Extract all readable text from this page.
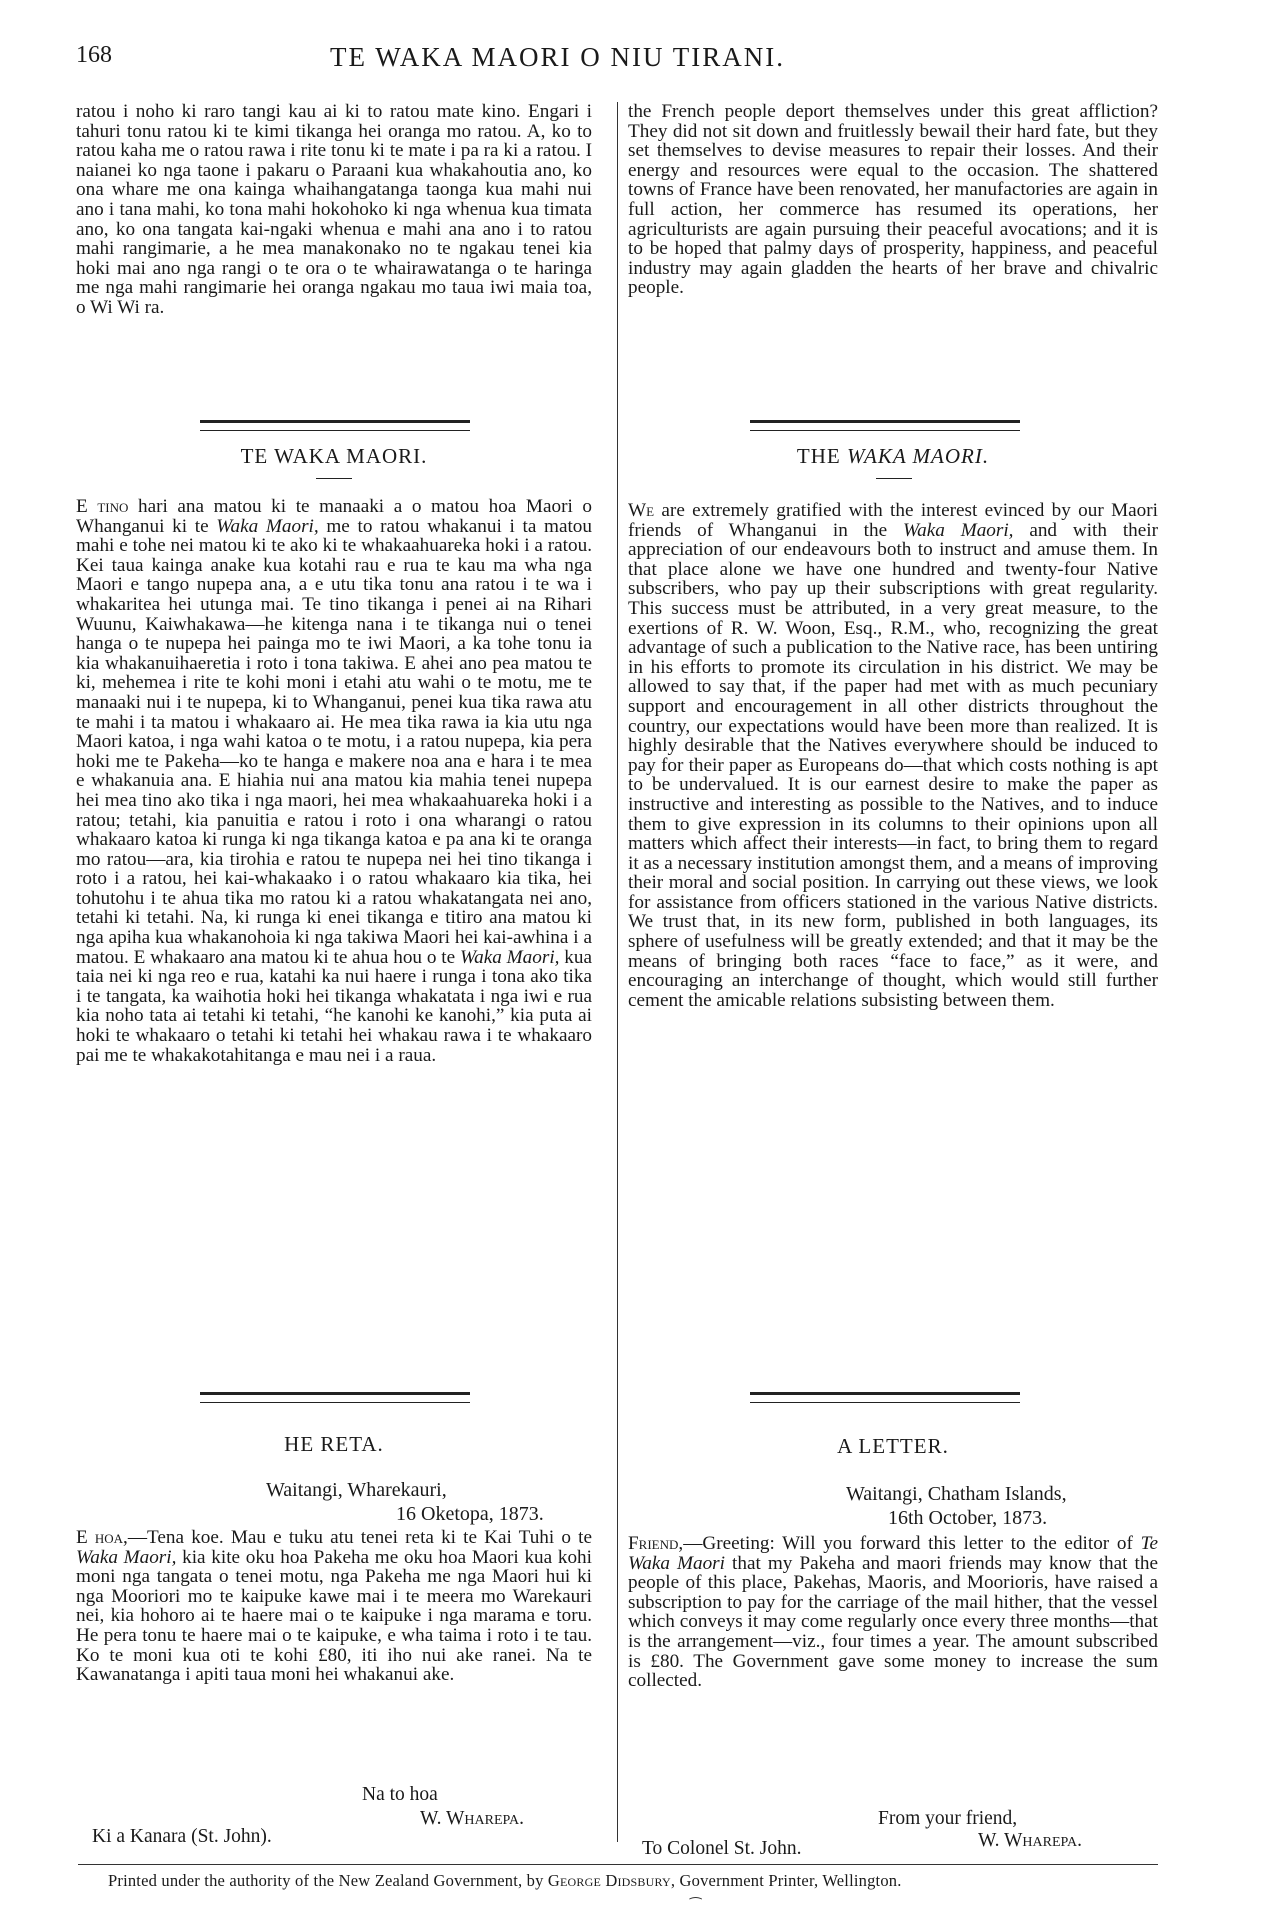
168	TE WAKA MAORI O NIU TIRANI.

ratou i noho ki raro tangi kau ai ki to ratou mate kino. Engari i tahuri tonu ratou ki te kimi tikanga hei oranga mo ratou. A, ko to ratou kaha me o ratou rawa i rite tonu ki te mate i pa ra ki a ratou. I naianei ko nga taone i pakaru o Paraani kua whakahoutia ano, ko ona whare me ona kainga whaihangatanga taonga kua mahi nui ano i tana mahi, ko tona mahi hokohoko ki nga whenua kua timata ano, ko ona tangata kai-ngaki whenua e mahi ana ano i to ratou mahi rangimarie, a he mea manakonako no te ngakau tenei kia hoki mai ano nga rangi o te ora o te whairawatanga o te haringa me nga mahi rangimarie hei oranga ngakau mo taua iwi maia toa, o Wi Wi ra.

TE WAKA MAORI.

E tino hari ana matou ki te manaaki a o matou hoa Maori o Whanganui ki te Waka Maori, me to ratou whakanui i ta matou mahi e tohe nei matou ki te ako ki te whakaahuareka hoki i a ratou. Kei taua kainga anake kua kotahi rau e rua te kau ma wha nga Maori e tango nupepa ana, a e utu tika tonu ana ratou i te wa i whakaritea hei utunga mai. Te tino tikanga i penei ai na Rihari Wuunu, Kaiwhakawa—he kitenga nana i te tikanga nui o tenei hanga o te nupepa hei painga mo te iwi Maori, a ka tohe tonu ia kia whakanuihaeretia i roto i tona takiwa. E ahei ano pea matou te ki, mehemea i rite te kohi moni i etahi atu wahi o te motu, me te manaaki nui i te nupepa, ki to Whanganui, penei kua tika rawa atu te mahi i ta matou i whakaaro ai. He mea tika rawa ia kia utu nga Maori katoa, i nga wahi katoa o te motu, i a ratou nupepa, kia pera hoki me te Pakeha—ko te hanga e makere noa ana e hara i te mea e whakanuia ana. E hiahia nui ana matou kia mahia tenei nupepa hei mea tino ako tika i nga maori, hei mea whakaahuareka hoki i a ratou; tetahi, kia panuitia e ratou i roto i ona wharangi o ratou whakaaro katoa ki runga ki nga tikanga katoa e pa ana ki te oranga mo ratou—ara, kia tirohia e ratou te nupepa nei hei tino tikanga i roto i a ratou, hei kai-whakaako i o ratou whakaaro kia tika, hei tohutohu i te ahua tika mo ratou ki a ratou whakatangata nei ano, tetahi ki tetahi. Na, ki runga ki enei tikanga e titiro ana matou ki nga apiha kua whakanohoia ki nga takiwa Maori hei kai-awhina i a matou. E whakaaro ana matou ki te ahua hou o te Waka Maori, kua taia nei ki nga reo e rua, katahi ka nui haere i runga i tona ako tika i te tangata, ka waihotia hoki hei tikanga whakatata i nga iwi e rua kia noho tata ai tetahi ki tetahi, “he kanohi ke kanohi,” kia puta ai hoki te whakaaro o tetahi ki tetahi hei whakau rawa i te whakaaro pai me te whakakotahitanga e mau nei i a raua.

HE RETA.
Waitangi, Wharekauri,
16 Oketopa, 1873.

E hoa,—Tena koe. Mau e tuku atu tenei reta ki te Kai Tuhi o te Waka Maori, kia kite oku hoa Pakeha me oku hoa Maori kua kohi moni nga tangata o tenei motu, nga Pakeha me nga Maori hui ki nga Mooriori mo te kaipuke kawe mai i te meera mo Warekauri nei, kia hohoro ai te haere mai o te kaipuke i nga marama e toru. He pera tonu te haere mai o te kaipuke, e wha taima i roto i te tau. Ko te moni kua oti te kohi £80, iti iho nui ake ranei. Na te Kawanatanga i apiti taua moni hei whakanui ake.

Na to hoa
W. Wharepa.
Ki a Kanara (St. John).

the French people deport themselves under this great affliction? They did not sit down and fruitlessly bewail their hard fate, but they set themselves to devise measures to repair their losses. And their energy and resources were equal to the occasion. The shattered towns of France have been renovated, her manufactories are again in full action, her commerce has resumed its operations, her agriculturists are again pursuing their peaceful avocations; and it is to be hoped that palmy days of prosperity, happiness, and peaceful industry may again gladden the hearts of her brave and chivalric people.

THE WAKA MAORI.

We are extremely gratified with the interest evinced by our Maori friends of Whanganui in the Waka Maori, and with their appreciation of our endeavours both to instruct and amuse them. In that place alone we have one hundred and twenty-four Native subscribers, who pay up their subscriptions with great regularity. This success must be attributed, in a very great measure, to the exertions of R. W. Woon, Esq., R.M., who, recognizing the great advantage of such a publication to the Native race, has been untiring in his efforts to promote its circulation in his district. We may be allowed to say that, if the paper had met with as much pecuniary support and encouragement in all other districts throughout the country, our expectations would have been more than realized. It is highly desirable that the Natives everywhere should be induced to pay for their paper as Europeans do—that which costs nothing is apt to be undervalued. It is our earnest desire to make the paper as instructive and interesting as possible to the Natives, and to induce them to give expression in its columns to their opinions upon all matters which affect their interests—in fact, to bring them to regard it as a necessary institution amongst them, and a means of improving their moral and social position. In carrying out these views, we look for assistance from officers stationed in the various Native districts. We trust that, in its new form, published in both languages, its sphere of usefulness will be greatly extended; and that it may be the means of bringing both races “face to face,” as it were, and encouraging an interchange of thought, which would still further cement the amicable relations subsisting between them.

A LETTER.
Waitangi, Chatham Islands,
16th October, 1873.

Friend,—Greeting: Will you forward this letter to the editor of Te Waka Maori that my Pakeha and maori friends may know that the people of this place, Pakehas, Maoris, and Moorioris, have raised a subscription to pay for the carriage of the mail hither, that the vessel which conveys it may come regularly once every three months—that is the arrangement—viz., four times a year. The amount subscribed is £80. The Government gave some money to increase the sum collected.

From your friend,
W. Wharepa.
To Colonel St. John.
Printed under the authority of the New Zealand Government, by George Didsbury, Government Printer, Wellington.
⁀
